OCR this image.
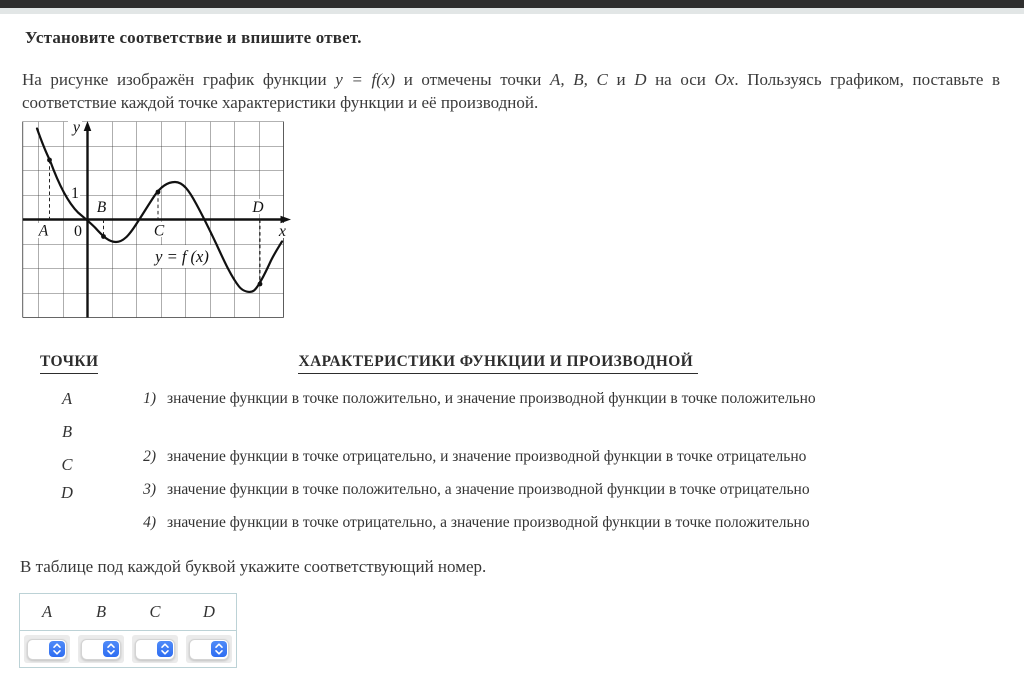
Установите соответствие и впишите ответ.

На рисунке изображён график функции y = f(x) и отмечены точки A, B, C и D на оси Ox. Пользуясь графиком, поставьте в соответствие каждой точке характеристики функции и её производной.

y
x
1
0
A
B
C
D
y = f (x)
ТОЧКИ	ХАРАКТЕРИСТИКИ ФУНКЦИИ И ПРОИЗВОДНОЙ
A
B
C
D
1) значение функции в точке положительно, и значение производной функции в точке положительно
2) значение функции в точке отрицательно, и значение производной функции в точке отрицательно
3) значение функции в точке положительно, а значение производной функции в точке отрицательно
4) значение функции в точке отрицательно, а значение производной функции в точке положительно

В таблице под каждой буквой укажите соответствующий номер.

A	B	C	D
